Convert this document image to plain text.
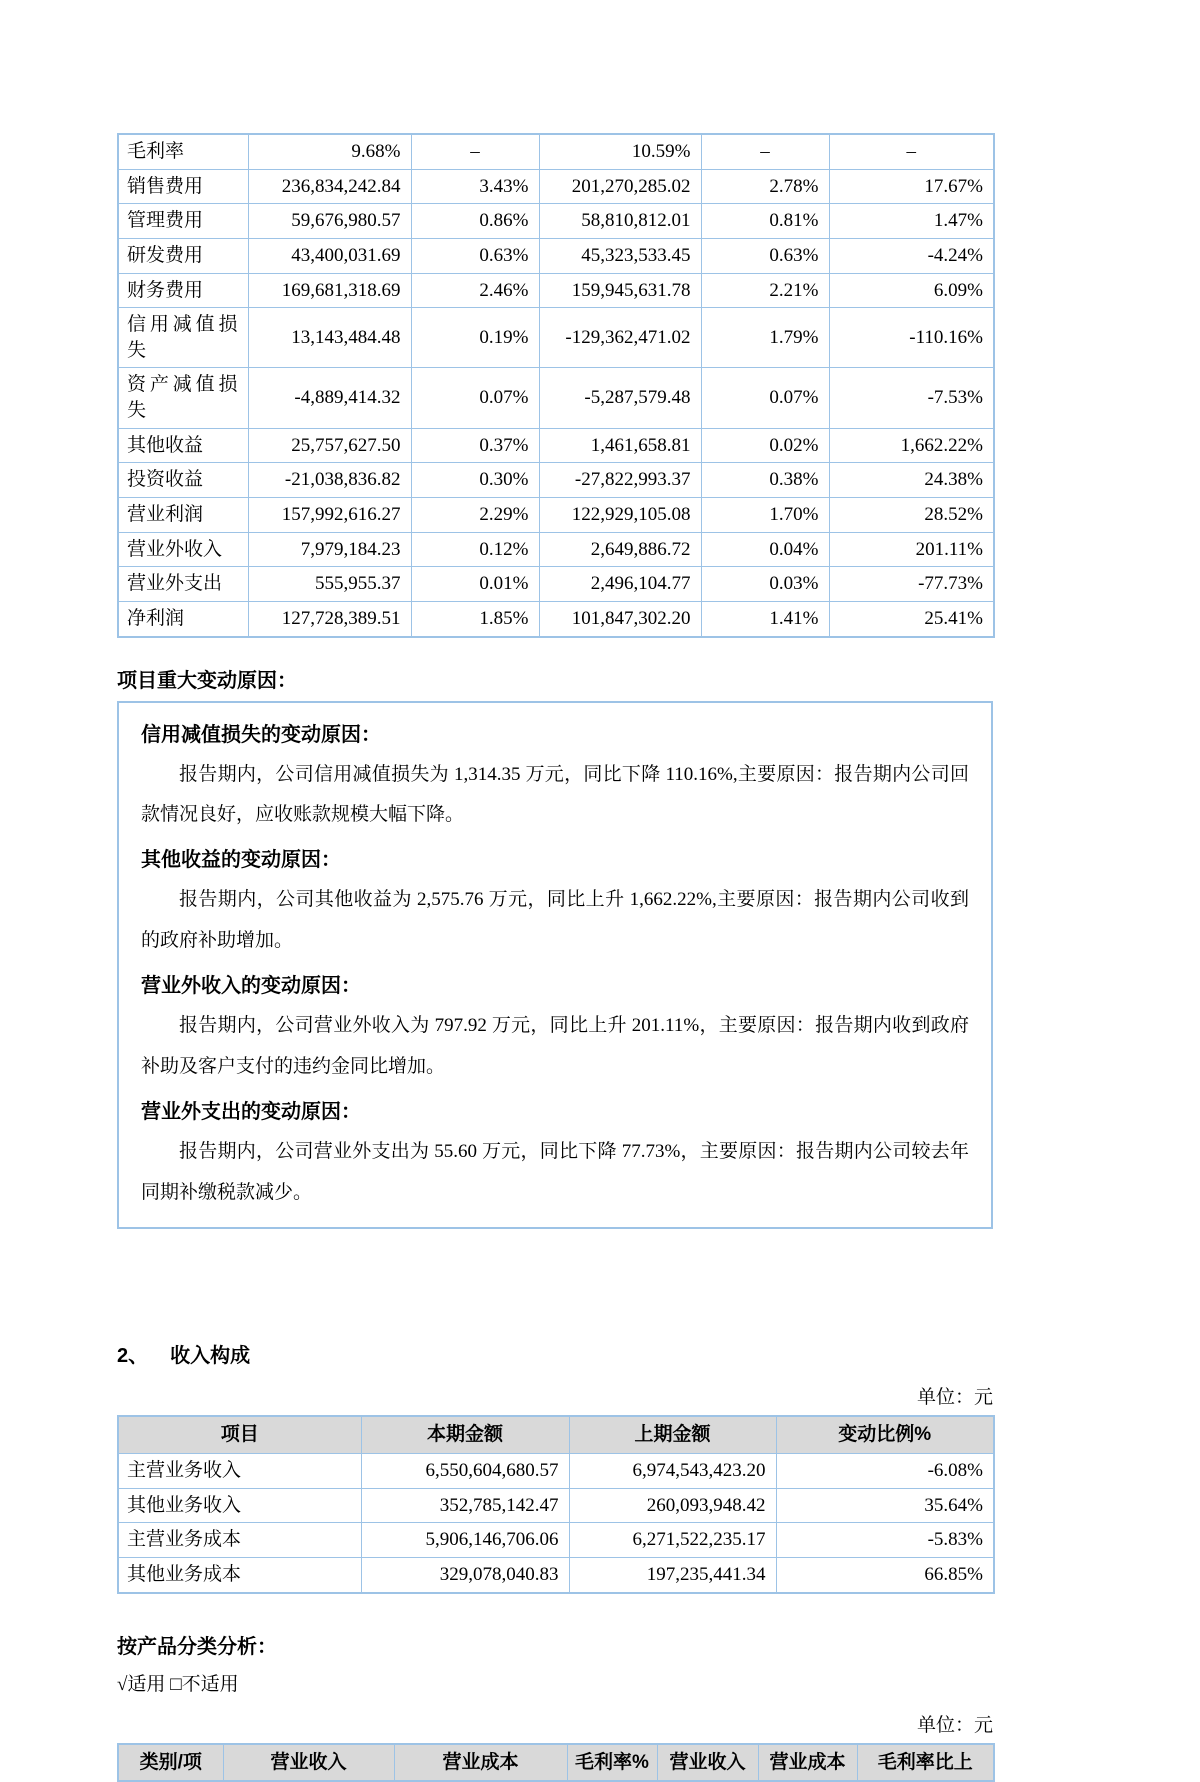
毛利率	9.68%	–	10.59%	–	–
销售费用	236,834,242.84	3.43%	201,270,285.02	2.78%	17.67%
管理费用	59,676,980.57	0.86%	58,810,812.01	0.81%	1.47%
研发费用	43,400,031.69	0.63%	45,323,533.45	0.63%	-4.24%
财务费用	169,681,318.69	2.46%	159,945,631.78	2.21%	6.09%
信用减值损失	13,143,484.48	0.19%	-129,362,471.02	1.79%	-110.16%
资产减值损失	-4,889,414.32	0.07%	-5,287,579.48	0.07%	-7.53%
其他收益	25,757,627.50	0.37%	1,461,658.81	0.02%	1,662.22%
投资收益	-21,038,836.82	0.30%	-27,822,993.37	0.38%	24.38%
营业利润	157,992,616.27	2.29%	122,929,105.08	1.70%	28.52%
营业外收入	7,979,184.23	0.12%	2,649,886.72	0.04%	201.11%
营业外支出	555,955.37	0.01%	2,496,104.77	0.03%	-77.73%
净利润	127,728,389.51	1.85%	101,847,302.20	1.41%	25.41%
项目重大变动原因：
信用减值损失的变动原因：

报告期内，公司信用减值损失为 1,314.35 万元，同比下降 110.16%,主要原因：报告期内公司回款情况良好，应收账款规模大幅下降。

其他收益的变动原因：

报告期内，公司其他收益为 2,575.76 万元，同比上升 1,662.22%,主要原因：报告期内公司收到的政府补助增加。

营业外收入的变动原因：

报告期内，公司营业外收入为 797.92 万元，同比上升 201.11%，主要原因：报告期内收到政府补助及客户支付的违约金同比增加。

营业外支出的变动原因：

报告期内，公司营业外支出为 55.60 万元，同比下降 77.73%，主要原因：报告期内公司较去年同期补缴税款减少。

2、 收入构成
单位：元
项目	本期金额	上期金额	变动比例%
主营业务收入	6,550,604,680.57	6,974,543,423.20	-6.08%
其他业务收入	352,785,142.47	260,093,948.42	35.64%
主营业务成本	5,906,146,706.06	6,271,522,235.17	-5.83%
其他业务成本	329,078,040.83	197,235,441.34	66.85%
按产品分类分析：
√适用 □不适用
单位：元
类别/项	营业收入	营业成本	毛利率%	营业收入	营业成本	毛利率比上
